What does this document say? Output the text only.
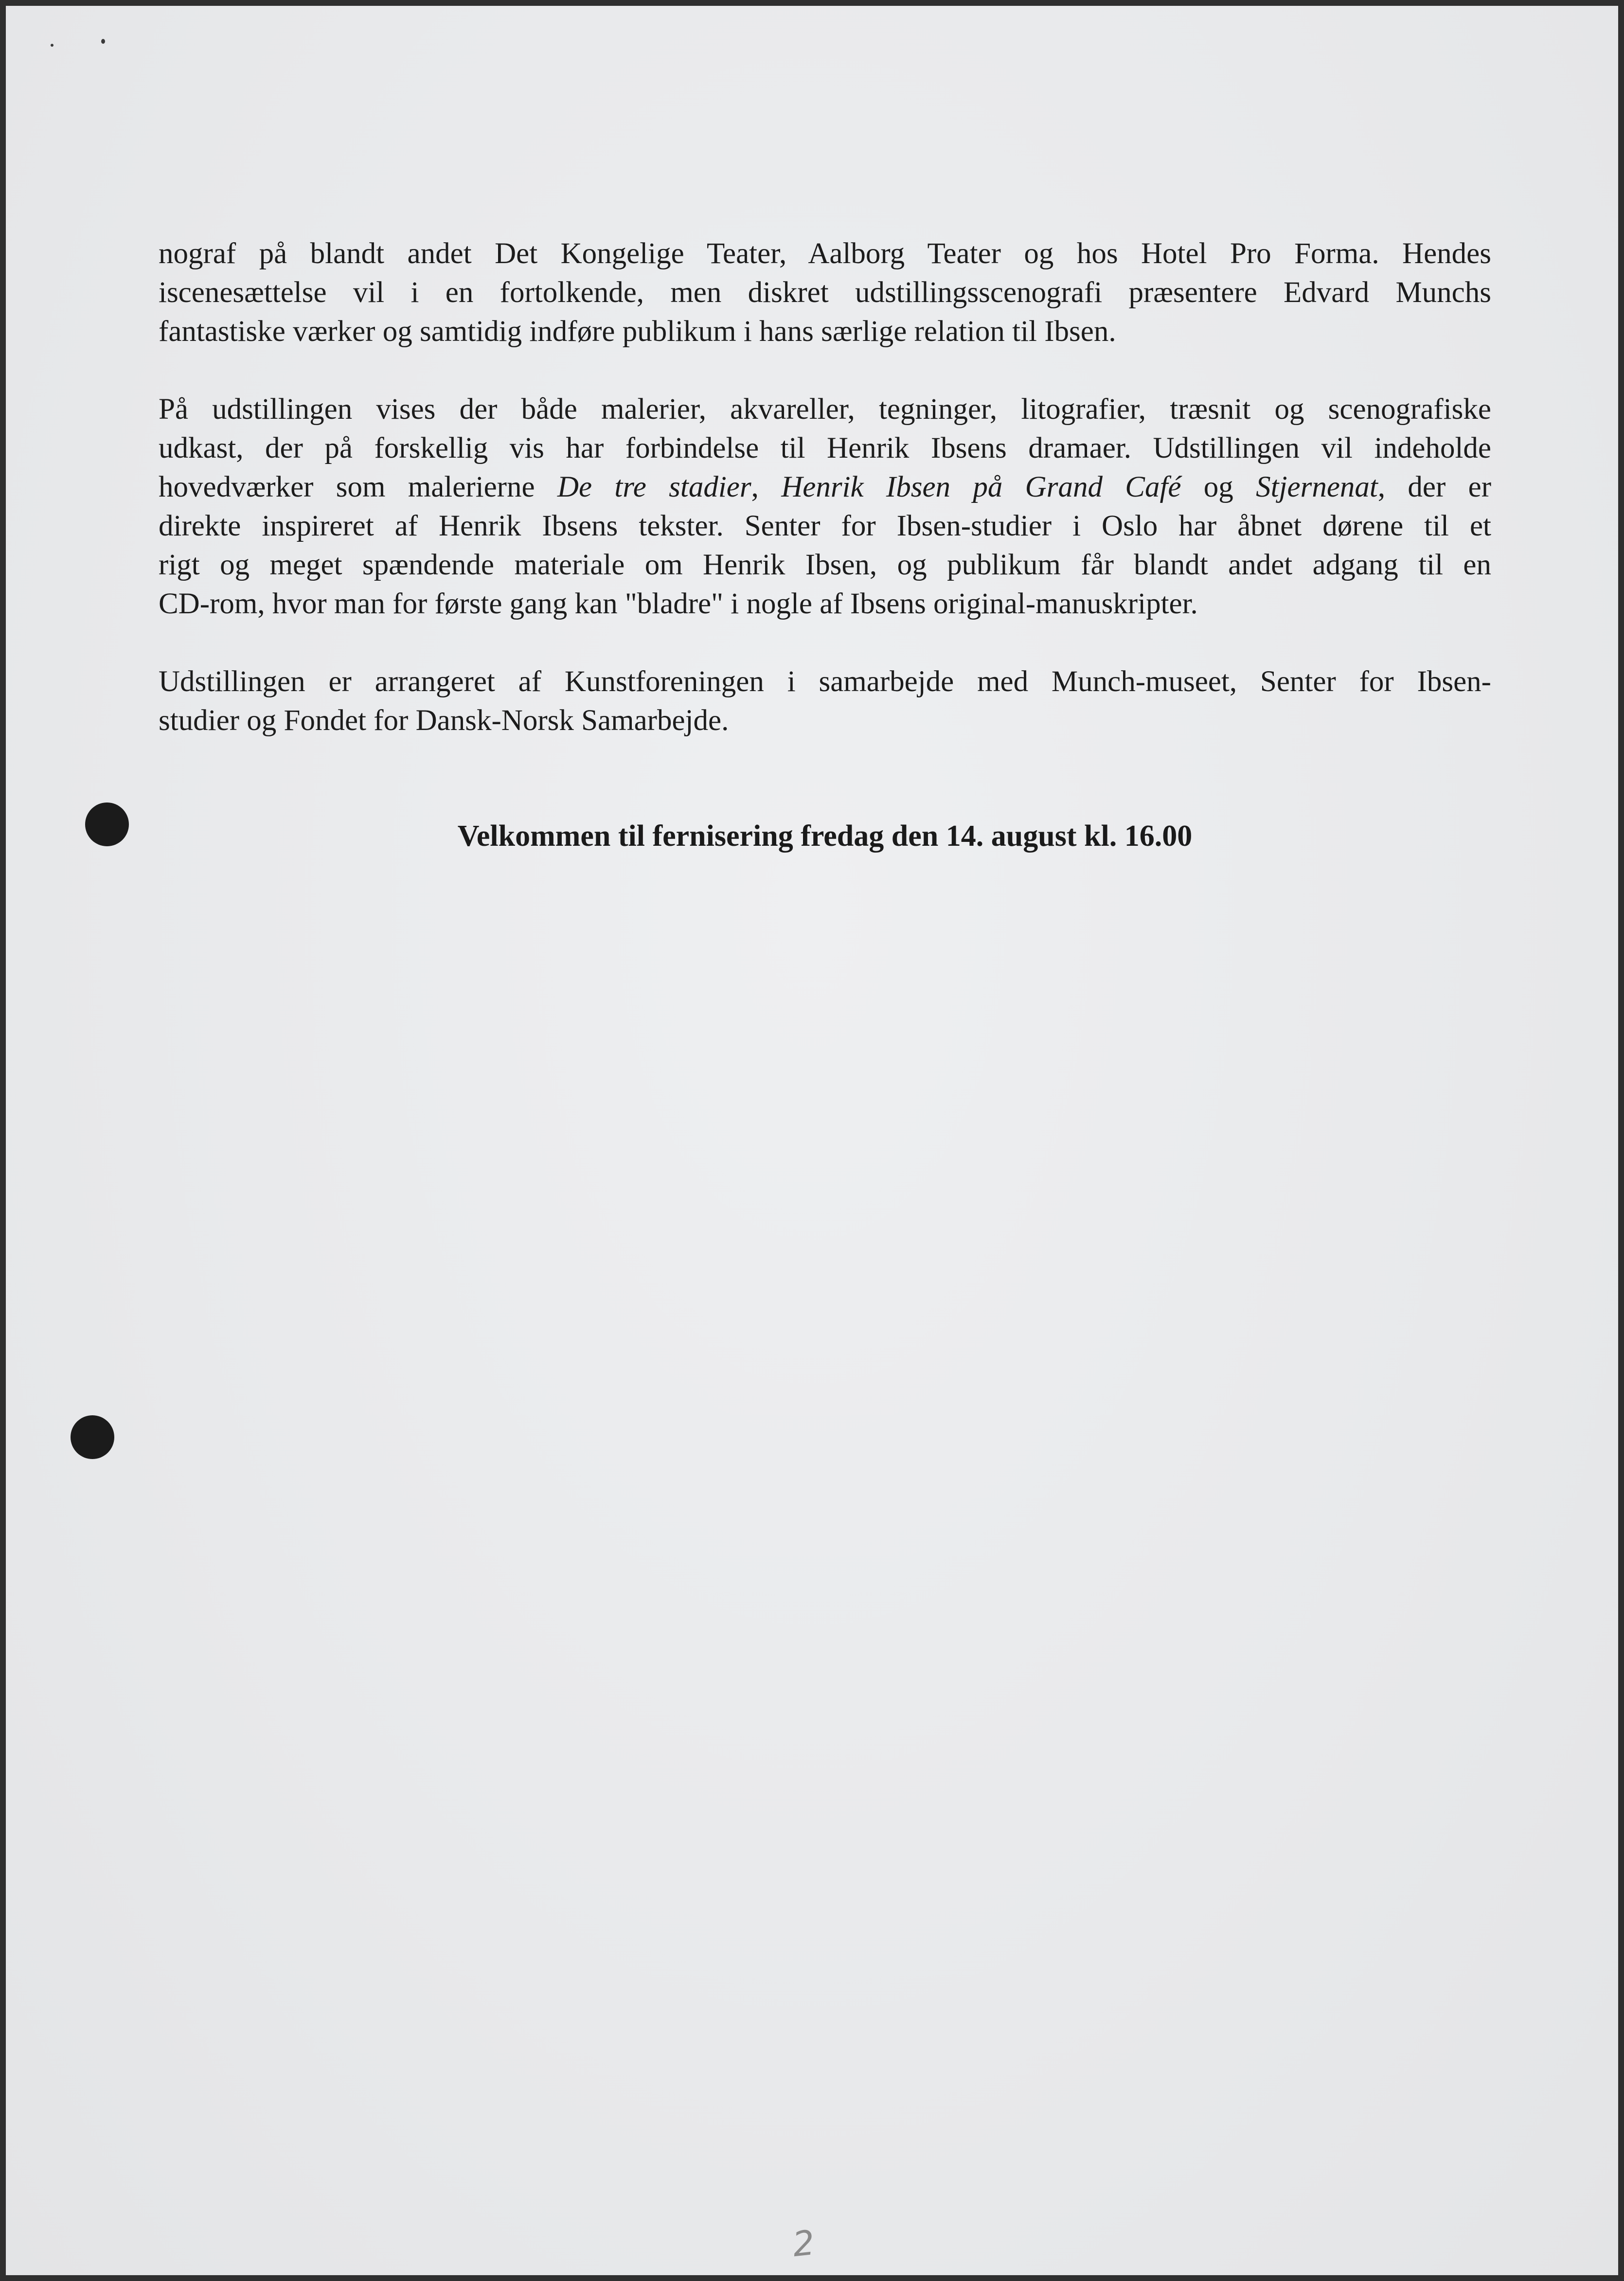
nograf på blandt andet Det Kongelige Teater, Aalborg Teater og hos Hotel Pro Forma. Hendes
iscenesættelse vil i en fortolkende, men diskret udstillingsscenografi præsentere Edvard Munchs
fantastiske værker og samtidig indføre publikum i hans særlige relation til Ibsen.

På udstillingen vises der både malerier, akvareller, tegninger, litografier, træsnit og scenografiske
udkast, der på forskellig vis har forbindelse til Henrik Ibsens dramaer. Udstillingen vil indeholde
hovedværker som malerierne De tre stadier, Henrik Ibsen på Grand Café og Stjernenat, der er
direkte inspireret af Henrik Ibsens tekster. Senter for Ibsen-studier i Oslo har åbnet dørene til et
rigt og meget spændende materiale om Henrik Ibsen, og publikum får blandt andet adgang til en
CD-rom, hvor man for første gang kan "bladre" i nogle af Ibsens original-manuskripter.

Udstillingen er arrangeret af Kunstforeningen i samarbejde med Munch-museet, Senter for Ibsen-
studier og Fondet for Dansk-Norsk Samarbejde.

Velkommen til fernisering fredag den 14. august kl. 16.00
2
